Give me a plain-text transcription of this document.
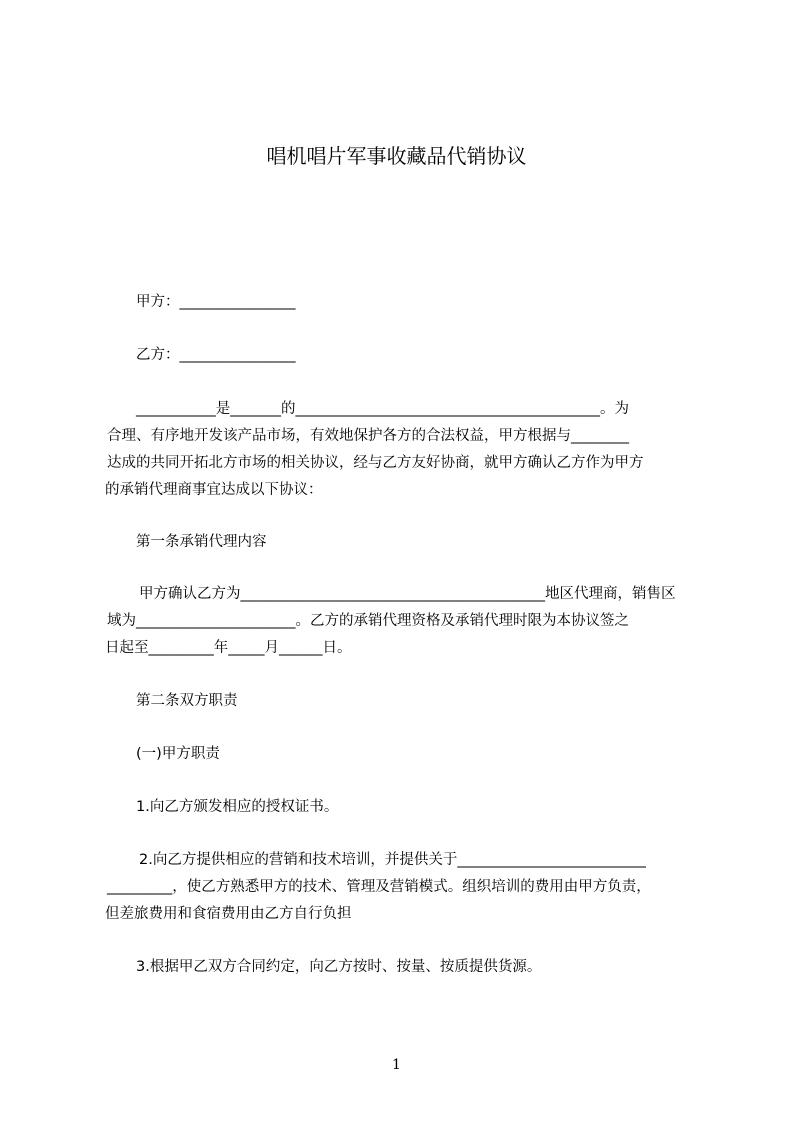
唱机唱片军事收藏品代销协议
甲方：________________
乙方：________________
___________是_______的__________________________________________。为
合理、有序地开发该产品市场，有效地保护各方的合法权益，甲方根据与________
达成的共同开拓北方市场的相关协议，经与乙方友好协商，就甲方确认乙方作为甲方
的承销代理商事宜达成以下协议：
第一条承销代理内容
甲方确认乙方为__________________________________________地区代理商，销售区
域为______________________。乙方的承销代理资格及承销代理时限为本协议签之
日起至_________年_____月______日。
第二条双方职责
(一)甲方职责
1.向乙方颁发相应的授权证书。
2.向乙方提供相应的营销和技术培训，并提供关于__________________________
_________，使乙方熟悉甲方的技术、管理及营销模式。组织培训的费用由甲方负责，
但差旅费用和食宿费用由乙方自行负担
3.根据甲乙双方合同约定，向乙方按时、按量、按质提供货源。
1
